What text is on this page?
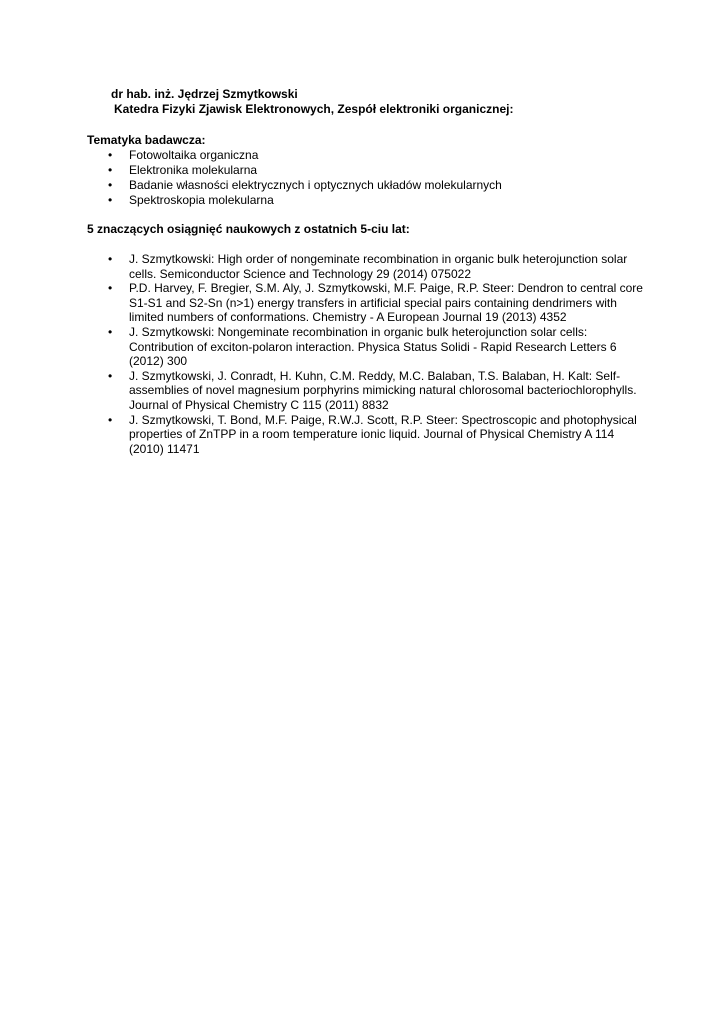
dr hab. inż. Jędrzej Szmytkowski
Katedra Fizyki Zjawisk Elektronowych, Zespół elektroniki organicznej:
Tematyka badawcza:
•	Fotowoltaika organiczna
•	Elektronika molekularna
•	Badanie własności elektrycznych i optycznych układów molekularnych
•	Spektroskopia molekularna
5 znaczących osiągnięć naukowych z ostatnich 5-ciu lat:
•	J. Szmytkowski: High order of nongeminate recombination in organic bulk heterojunction solar cells. Semiconductor Science and Technology 29 (2014) 075022
•	P.D. Harvey, F. Bregier, S.M. Aly, J. Szmytkowski, M.F. Paige, R.P. Steer: Dendron to central core S1-S1 and S2-Sn (n>1) energy transfers in artificial special pairs containing dendrimers with limited numbers of conformations. Chemistry - A European Journal 19 (2013) 4352
•	J. Szmytkowski: Nongeminate recombination in organic bulk heterojunction solar cells: Contribution of exciton-polaron interaction. Physica Status Solidi - Rapid Research Letters 6 (2012) 300
•	J. Szmytkowski, J. Conradt, H. Kuhn, C.M. Reddy, M.C. Balaban, T.S. Balaban, H. Kalt: Self-assemblies of novel magnesium porphyrins mimicking natural chlorosomal bacteriochlorophylls. Journal of Physical Chemistry C 115 (2011) 8832
•	J. Szmytkowski, T. Bond, M.F. Paige, R.W.J. Scott, R.P. Steer: Spectroscopic and photophysical properties of ZnTPP in a room temperature ionic liquid. Journal of Physical Chemistry A 114 (2010) 11471
